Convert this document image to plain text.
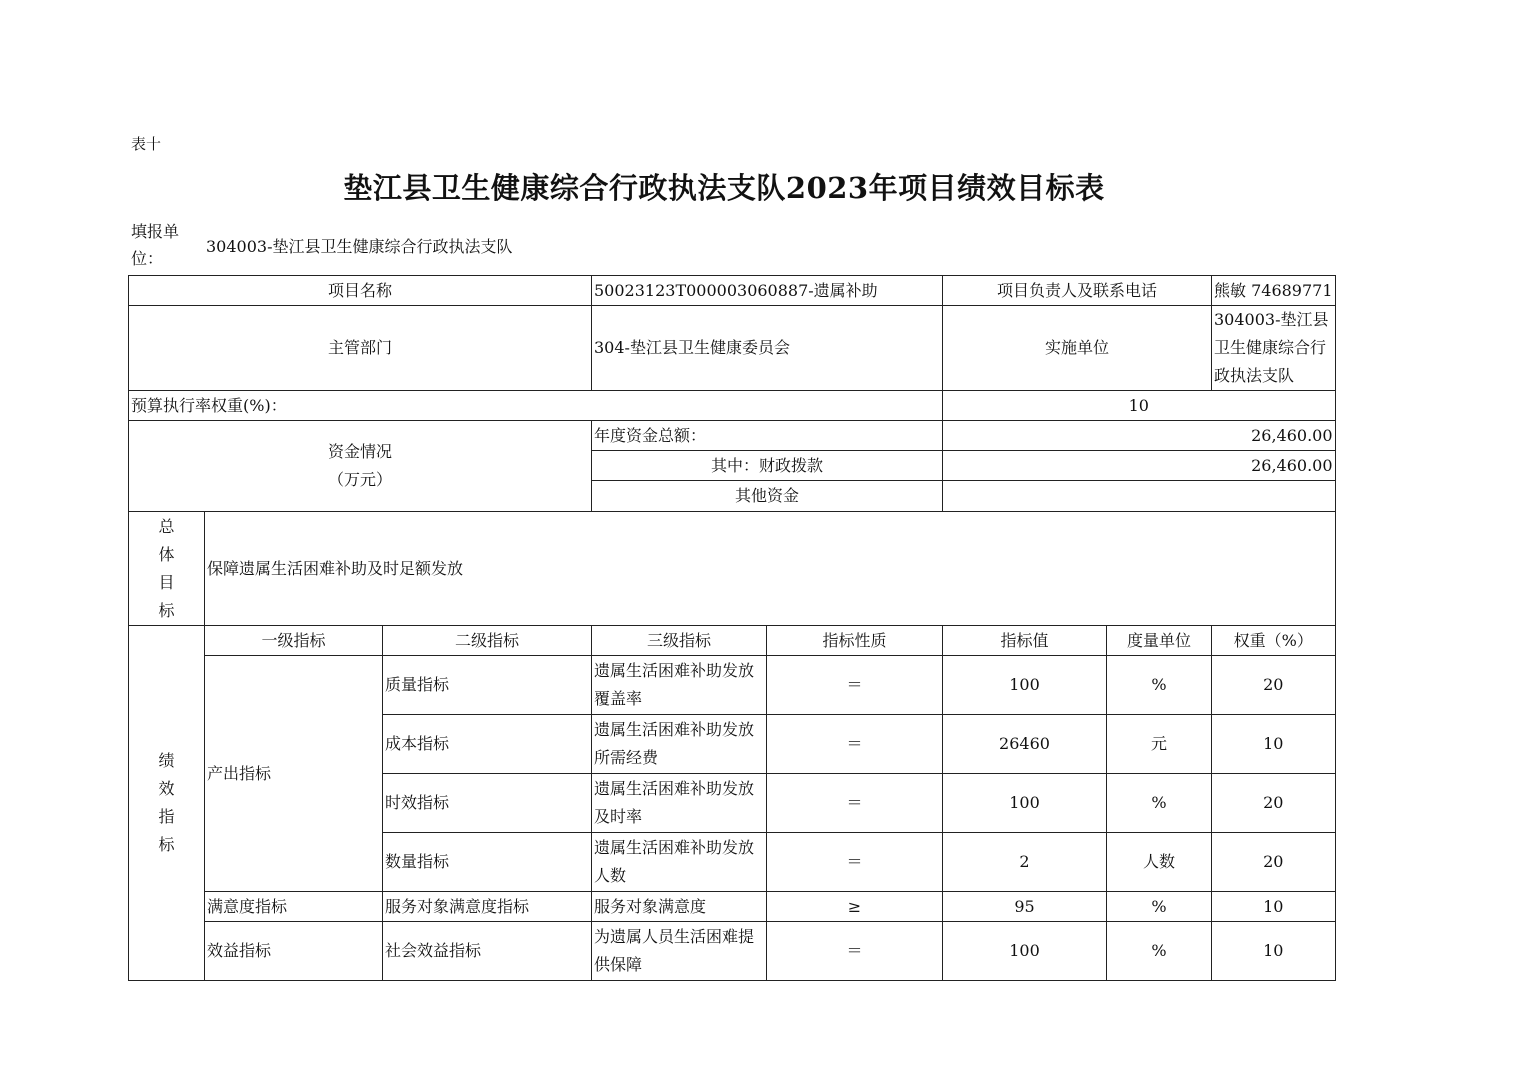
表十
垫江县卫生健康综合行政执法支队2023年项目绩效目标表
填报单位：
304003-垫江县卫生健康综合行政执法支队
项目名称			50023123T000003060887-遗属补助		项目负责人及联系电话		熊敏 74689771
主管部门			304-垫江县卫生健康委员会		实施单位		304003-垫江县卫生健康综合行政执法支队
预算执行率权重(%)：					10		

资金情况
（万元）			年度资金总额：		26,460.00		
			其中：财政拨款		26,460.00		
			其他资金				

总
体
目
标	保障遗属生活困难补助及时足额发放						

绩
效
指
标	一级指标	二级指标	三级指标	指标性质	指标值	度量单位	权重（%）
	产出指标	质量指标	遗属生活困难补助发放覆盖率	＝	100	%	20
		成本指标	遗属生活困难补助发放所需经费	＝	26460	元	10
		时效指标	遗属生活困难补助发放及时率	＝	100	%	20
		数量指标	遗属生活困难补助发放人数	＝	2	人数	20
	满意度指标	服务对象满意度指标	服务对象满意度	≥	95	%	10
	效益指标	社会效益指标	为遗属人员生活困难提供保障	＝	100	%	10
